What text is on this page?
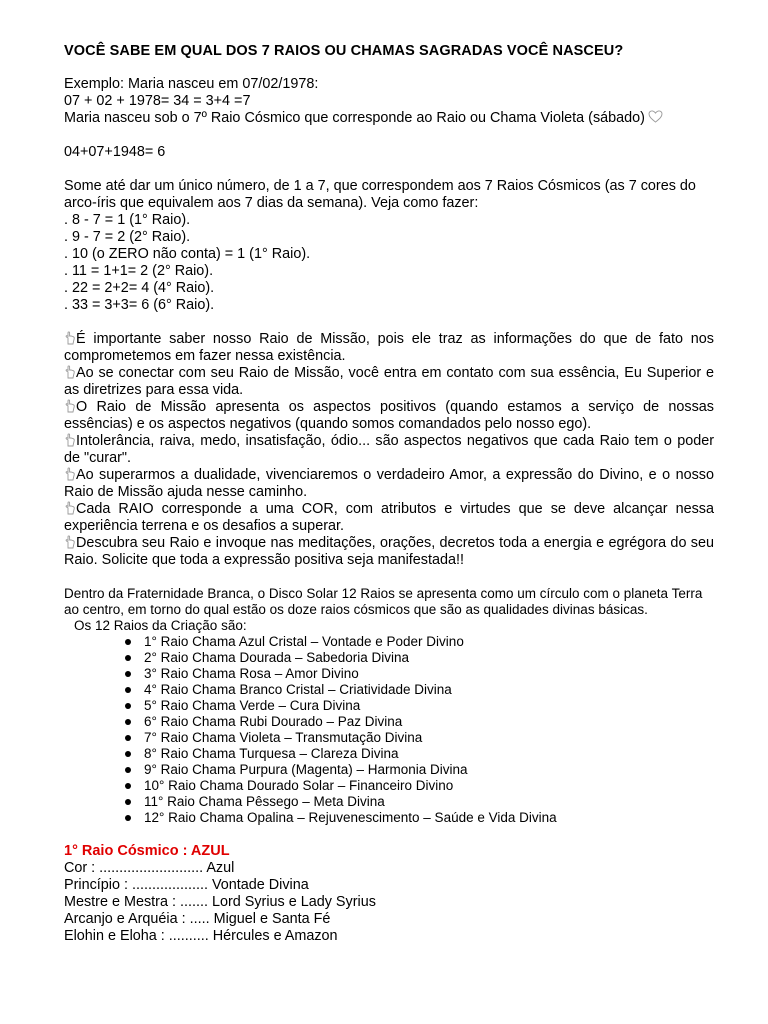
VOCÊ SABE EM QUAL DOS 7 RAIOS OU CHAMAS SAGRADAS VOCÊ NASCEU?
Exemplo: Maria nasceu em 07/02/1978:
07 + 02 + 1978= 34 = 3+4 =7
Maria nasceu sob o 7º Raio Cósmico que corresponde ao Raio ou Chama Violeta (sábado)
04+07+1948= 6
Some até dar um único número, de 1 a 7, que correspondem aos 7 Raios Cósmicos (as 7 cores do arco-íris que equivalem aos 7 dias da semana). Veja como fazer:
. 8 - 7 = 1 (1° Raio).
. 9 - 7 = 2 (2° Raio).
. 10 (o ZERO não conta) = 1 (1° Raio).
. 11 = 1+1= 2 (2° Raio).
. 22 = 2+2= 4 (4° Raio).
. 33 = 3+3= 6 (6° Raio).
É importante saber nosso Raio de Missão, pois ele traz as informações do que de fato nos comprometemos em fazer nessa existência.
Ao se conectar com seu Raio de Missão, você entra em contato com sua essência, Eu Superior e as diretrizes para essa vida.
O Raio de Missão apresenta os aspectos positivos (quando estamos a serviço de nossas essências) e os aspectos negativos (quando somos comandados pelo nosso ego).
Intolerância, raiva, medo, insatisfação, ódio... são aspectos negativos que cada Raio tem o poder de "curar".
Ao superarmos a dualidade, vivenciaremos o verdadeiro Amor, a expressão do Divino, e o nosso Raio de Missão ajuda nesse caminho.
Cada RAIO corresponde a uma COR, com atributos e virtudes que se deve alcançar nessa experiência terrena e os desafios a superar.
Descubra seu Raio e invoque nas meditações, orações, decretos toda a energia e egrégora do seu Raio. Solicite que toda a expressão positiva seja manifestada!!
Dentro da Fraternidade Branca, o Disco Solar 12 Raios se apresenta como um círculo com o planeta Terra ao centro, em torno do qual estão os doze raios cósmicos que são as qualidades divinas básicas.
Os 12 Raios da Criação são:
1° Raio Chama Azul Cristal – Vontade e Poder Divino
2° Raio Chama Dourada – Sabedoria Divina
3° Raio Chama Rosa – Amor Divino
4° Raio Chama Branco Cristal – Criatividade Divina
5° Raio Chama Verde – Cura Divina
6° Raio Chama Rubi Dourado – Paz Divina
7° Raio Chama Violeta – Transmutação Divina
8° Raio Chama Turquesa – Clareza Divina
9° Raio Chama Purpura (Magenta) – Harmonia Divina
10° Raio Chama Dourado Solar – Financeiro Divino
11° Raio Chama Pêssego – Meta Divina
12° Raio Chama Opalina – Rejuvenescimento – Saúde e Vida Divina
1° Raio Cósmico : AZUL
Cor : .......................... Azul
Princípio : ................... Vontade Divina
Mestre e Mestra : ....... Lord Syrius e Lady Syrius
Arcanjo e Arquéia : ..... Miguel e Santa Fé
Elohin e Eloha : .......... Hércules e Amazon
